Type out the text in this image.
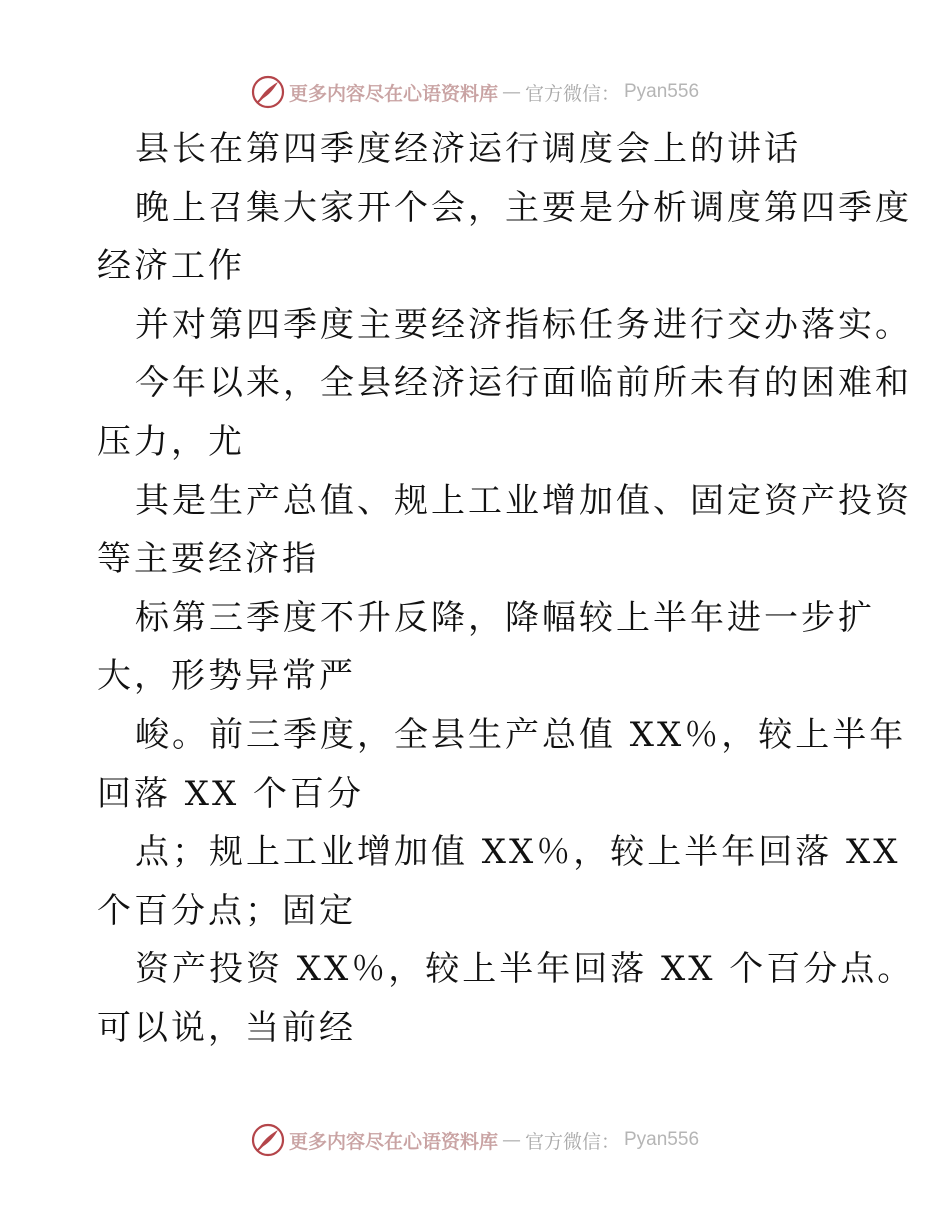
更多内容尽在心语资料库 — 官方微信： Pyan556
县长在第四季度经济运行调度会上的讲话
晚上召集大家开个会，主要是分析调度第四季度
经济工作
并对第四季度主要经济指标任务进行交办落实。
今年以来，全县经济运行面临前所未有的困难和
压力，尤
其是生产总值、规上工业增加值、固定资产投资
等主要经济指
标第三季度不升反降，降幅较上半年进一步扩
大，形势异常严
峻。前三季度，全县生产总值 XX％，较上半年
回落 XX 个百分
点；规上工业增加值 XX％，较上半年回落 XX
个百分点；固定
资产投资 XX％，较上半年回落 XX 个百分点。
可以说，当前经
更多内容尽在心语资料库 — 官方微信： Pyan556
